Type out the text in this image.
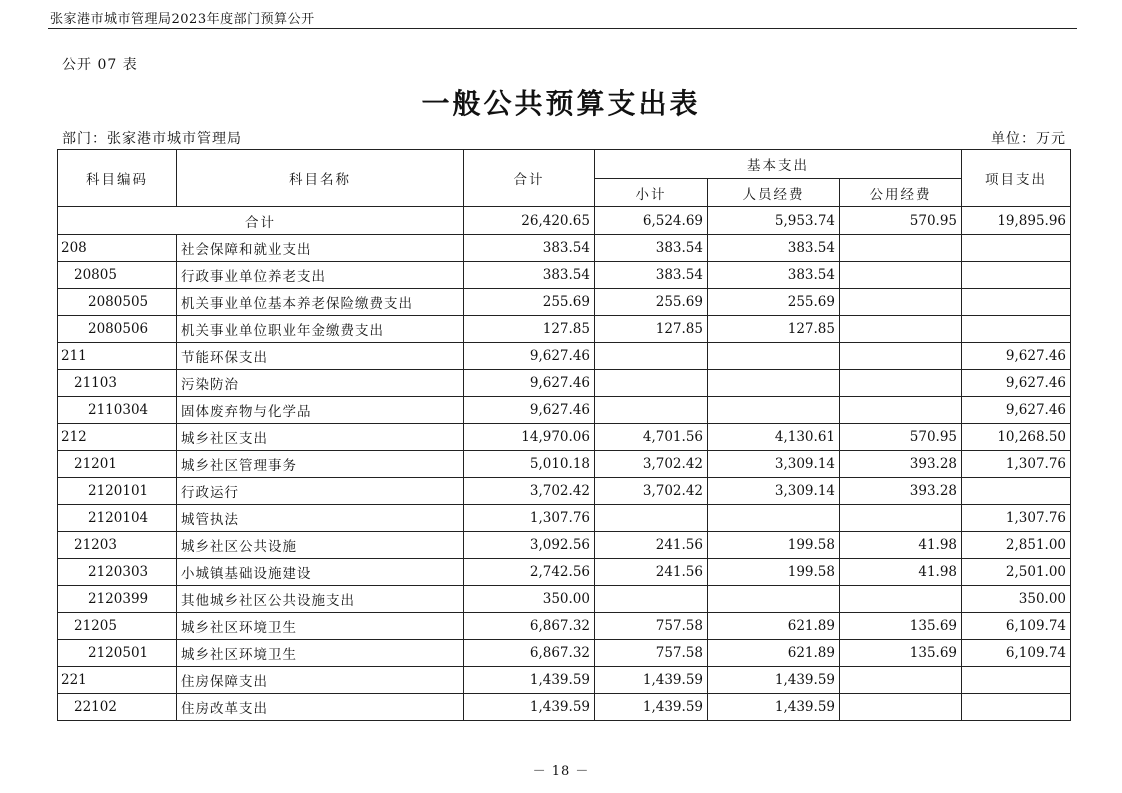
张家港市城市管理局2023年度部门预算公开
公开 07 表
一般公共预算支出表
部门：张家港市城市管理局	单位：万元
科目编码	科目名称	合计	基本支出			项目支出
			小计	人员经费	公用经费	
合计		26,420.65	6,524.69	5,953.74	570.95	19,895.96
208	社会保障和就业支出	383.54	383.54	383.54		
20805	行政事业单位养老支出	383.54	383.54	383.54		
2080505	机关事业单位基本养老保险缴费支出	255.69	255.69	255.69		
2080506	机关事业单位职业年金缴费支出	127.85	127.85	127.85		
211	节能环保支出	9,627.46				9,627.46
21103	污染防治	9,627.46				9,627.46
2110304	固体废弃物与化学品	9,627.46				9,627.46
212	城乡社区支出	14,970.06	4,701.56	4,130.61	570.95	10,268.50
21201	城乡社区管理事务	5,010.18	3,702.42	3,309.14	393.28	1,307.76
2120101	行政运行	3,702.42	3,702.42	3,309.14	393.28	
2120104	城管执法	1,307.76				1,307.76
21203	城乡社区公共设施	3,092.56	241.56	199.58	41.98	2,851.00
2120303	小城镇基础设施建设	2,742.56	241.56	199.58	41.98	2,501.00
2120399	其他城乡社区公共设施支出	350.00				350.00
21205	城乡社区环境卫生	6,867.32	757.58	621.89	135.69	6,109.74
2120501	城乡社区环境卫生	6,867.32	757.58	621.89	135.69	6,109.74
221	住房保障支出	1,439.59	1,439.59	1,439.59		
22102	住房改革支出	1,439.59	1,439.59	1,439.59		
－ 18 －
